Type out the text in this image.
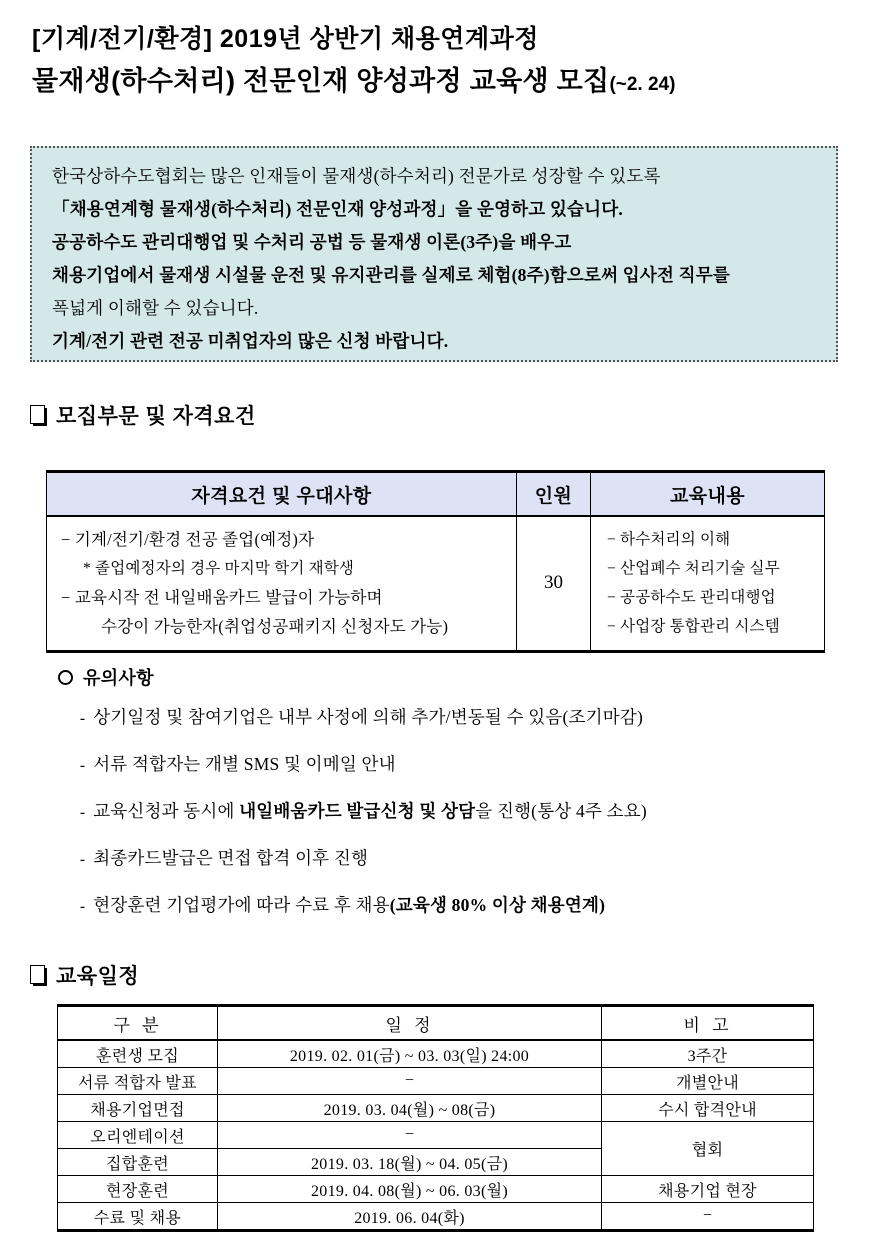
[기계/전기/환경] 2019년 상반기 채용연계과정
물재생(하수처리) 전문인재 양성과정 교육생 모집(~2. 24)
한국상하수도협회는 많은 인재들이 물재생(하수처리) 전문가로 성장할 수 있도록
「채용연계형 물재생(하수처리) 전문인재 양성과정」을 운영하고 있습니다.
공공하수도 관리대행업 및 수처리 공법 등 물재생 이론(3주)을 배우고
채용기업에서 물재생 시설물 운전 및 유지관리를 실제로 체험(8주)함으로써 입사전 직무를
폭넓게 이해할 수 있습니다.
기계/전기 관련 전공 미취업자의 많은 신청 바랍니다.
모집부문 및 자격요건
자격요건 및 우대사항	인원	교육내용

− 기계/전기/환경 전공 졸업(예정)자
* 졸업예정자의 경우 마지막 학기 재학생
− 교육시작 전 내일배움카드 발급이 가능하며
수강이 가능한자(취업성공패키지 신청자도 가능)
	30	
− 하수처리의 이해
− 산업폐수 처리기술 실무
− 공공하수도 관리대행업
− 사업장 통합관리 시스템
유의사항
- 상기일정 및 참여기업은 내부 사정에 의해 추가/변동될 수 있음(조기마감)
- 서류 적합자는 개별 SMS 및 이메일 안내
- 교육신청과 동시에 내일배움카드 발급신청 및 상담을 진행(통상 4주 소요)
- 최종카드발급은 면접 합격 이후 진행
- 현장훈련 기업평가에 따라 수료 후 채용(교육생 80% 이상 채용연계)
교육일정
구 분	일 정	비 고
훈련생 모집	2019. 02. 01(금) ~ 03. 03(일) 24:00	3주간
서류 적합자 발표	−	개별안내
채용기업면접	2019. 03. 04(월) ~ 08(금)	수시 합격안내
오리엔테이션	−	협회
집합훈련	2019. 03. 18(월) ~ 04. 05(금)	
현장훈련	2019. 04. 08(월) ~ 06. 03(월)	채용기업 현장
수료 및 채용	2019. 06. 04(화)	−
